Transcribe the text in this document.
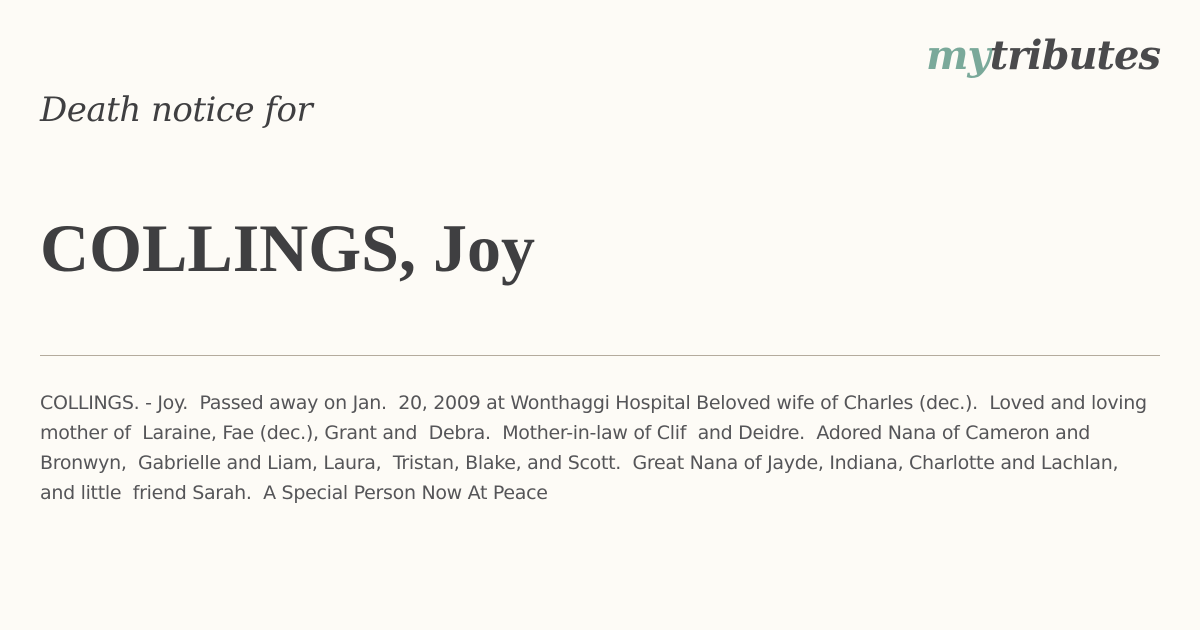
mytributes
Death notice for
COLLINGS, Joy

COLLINGS. - Joy.  Passed away on Jan.  20, 2009 at Wonthaggi Hospital Beloved wife of Charles (dec.).  Loved and loving mother of  Laraine, Fae (dec.), Grant and  Debra.  Mother-in-law of Clif  and Deidre.  Adored Nana of Cameron and Bronwyn,  Gabrielle and Liam, Laura,  Tristan, Blake, and Scott.  Great Nana of Jayde, Indiana, Charlotte and Lachlan, and little  friend Sarah.  A Special Person Now At Peace
